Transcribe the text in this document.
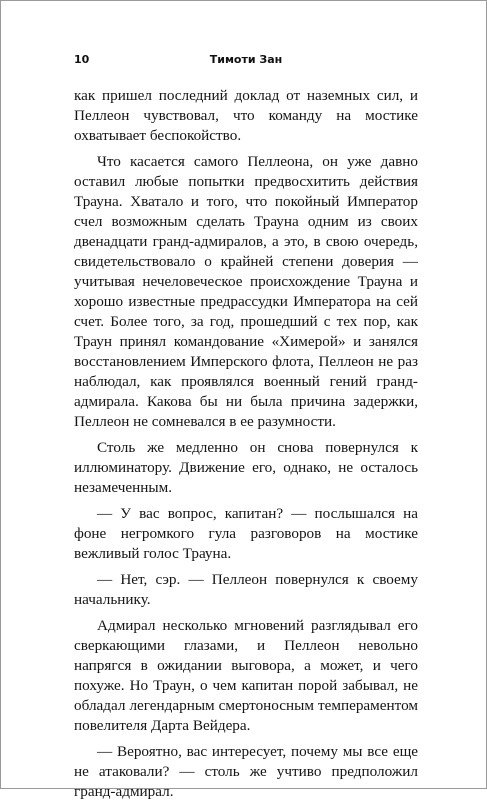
10	Тимоти Зан

как пришел последний доклад от наземных сил, и Пеллеон чувствовал, что команду на мостике охватывает беспокойство.

Что касается самого Пеллеона, он уже давно оставил любые попытки предвосхитить действия Трауна. Хватало и того, что покойный Император счел возможным сделать Трауна одним из своих двенадцати гранд-адмиралов, а это, в свою очередь, свидетельствовало о крайней степени доверия — учитывая нечеловеческое происхождение Трауна и хорошо известные предрассудки Императора на сей счет. Более того, за год, прошедший с тех пор, как Траун принял командование «Химерой» и занялся восстановлением Имперского флота, Пеллеон не раз наблюдал, как проявлялся военный гений гранд-адмирала. Какова бы ни была причина задержки, Пеллеон не сомневался в ее разумности.

Столь же медленно он снова повернулся к иллюминатору. Движение его, однако, не осталось незамеченным.

— У вас вопрос, капитан? — послышался на фоне негромкого гула разговоров на мостике вежливый голос Трауна.

— Нет, сэр. — Пеллеон повернулся к своему начальнику.

Адмирал несколько мгновений разглядывал его сверкающими глазами, и Пеллеон невольно напрягся в ожидании выговора, а может, и чего похуже. Но Траун, о чем капитан порой забывал, не обладал легендарным смертоносным темпераментом повелителя Дарта Вейдера.

— Вероятно, вас интересует, почему мы все еще не атаковали? — столь же учтиво предположил гранд-адмирал.
